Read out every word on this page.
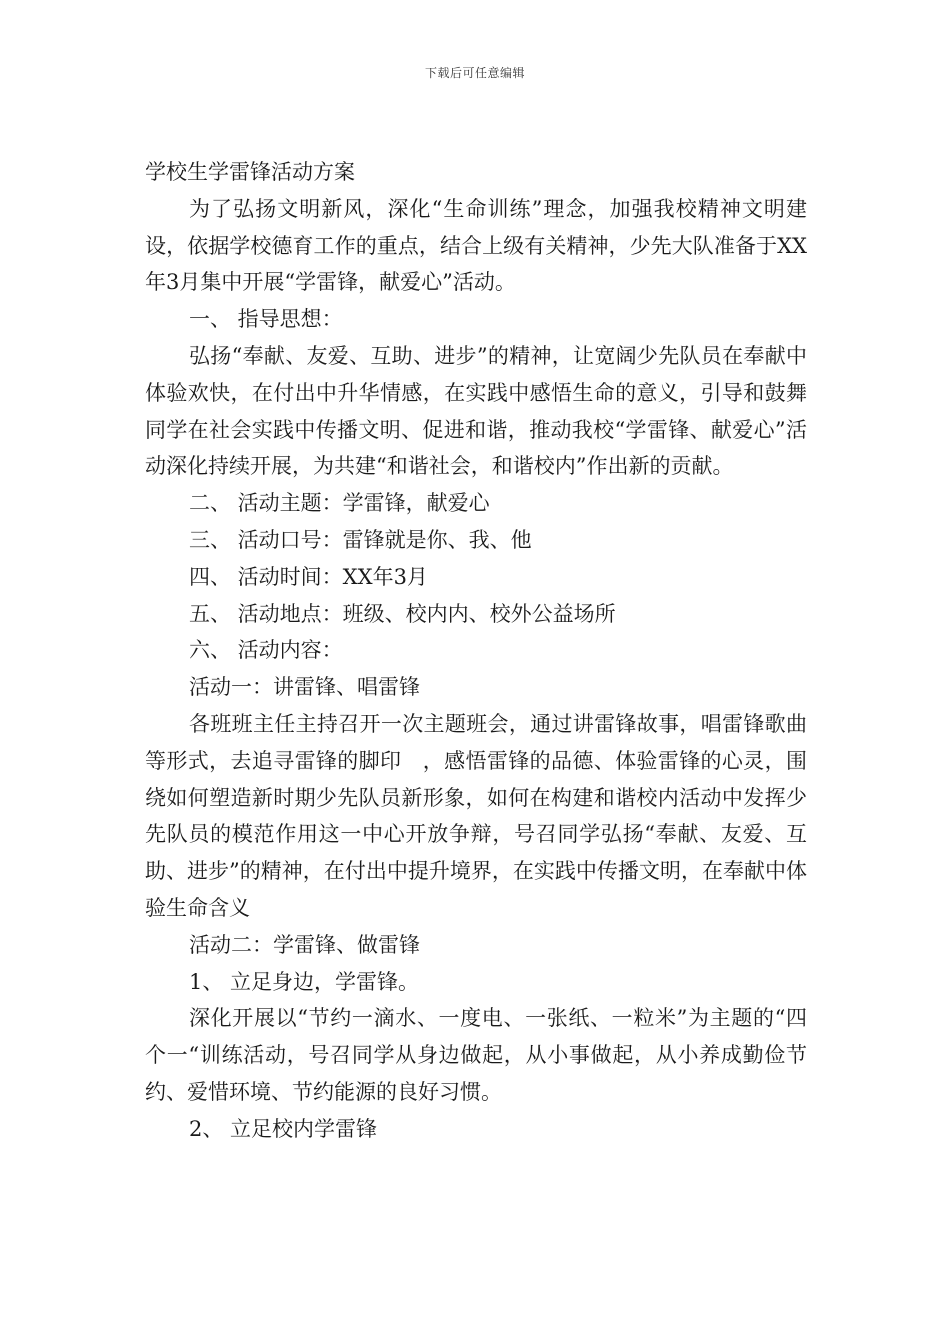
下载后可任意编辑

学校生学雷锋活动方案

为了弘扬文明新风，深化“生命训练”理念，加强我校精神文明建设，依据学校德育工作的重点，结合上级有关精神，少先大队准备于XX年3月集中开展“学雷锋，献爱心”活动。

一、 指导思想：

弘扬“奉献、友爱、互助、进步”的精神，让宽阔少先队员在奉献中体验欢快，在付出中升华情感，在实践中感悟生命的意义，引导和鼓舞同学在社会实践中传播文明、促进和谐，推动我校“学雷锋、献爱心”活动深化持续开展，为共建“和谐社会，和谐校内”作出新的贡献。

二、 活动主题：学雷锋，献爱心

三、 活动口号：雷锋就是你、我、他

四、 活动时间：XX年3月

五、 活动地点：班级、校内内、校外公益场所

六、 活动内容：

活动一：讲雷锋、唱雷锋

各班班主任主持召开一次主题班会，通过讲雷锋故事，唱雷锋歌曲等形式，去追寻雷锋的脚印　，感悟雷锋的品德、体验雷锋的心灵，围绕如何塑造新时期少先队员新形象，如何在构建和谐校内活动中发挥少先队员的模范作用这一中心开放争辩，号召同学弘扬“奉献、友爱、互助、进步”的精神，在付出中提升境界，在实践中传播文明，在奉献中体验生命含义

活动二：学雷锋、做雷锋

1、 立足身边，学雷锋。

深化开展以“节约一滴水、一度电、一张纸、一粒米”为主题的“四个一“训练活动，号召同学从身边做起，从小事做起，从小养成勤俭节约、爱惜环境、节约能源的良好习惯。

2、 立足校内学雷锋
